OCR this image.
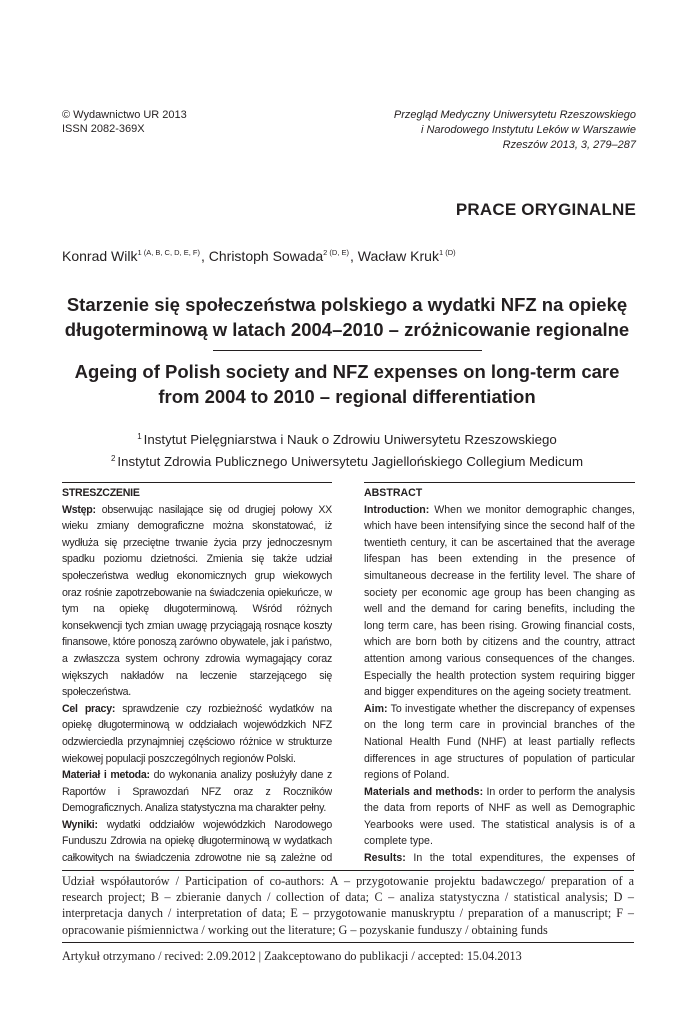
© Wydawnictwo UR 2013
ISSN 2082-369X
Przegląd Medyczny Uniwersytetu Rzeszowskiego
i Narodowego Instytutu Leków w Warszawie
Rzeszów 2013, 3, 279–287
PRACE ORYGINALNE
Konrad Wilk$^{1 (A, B, C, D, E, F)}$, Christoph Sowada$^{2 (D, E)}$, Wacław Kruk$^{1 (D)}$
Starzenie się społeczeństwa polskiego a wydatki NFZ na opiekę
długoterminową w latach 2004–2010 – zróżnicowanie regionalne
Ageing of Polish society and NFZ expenses on long-term care
from 2004 to 2010 – regional differentiation
$^1$ Instytut Pielęgniarstwa i Nauk o Zdrowiu Uniwersytetu Rzeszowskiego
$^2$ Instytut Zdrowia Publicznego Uniwersytetu Jagiellońskiego Collegium Medicum
STRESZCZENIE

Wstęp: obserwując nasilające się od drugiej połowy XX wieku zmiany demograficzne można skonstatować, iż wydłuża się przeciętne trwanie życia przy jednoczesnym spadku poziomu dzietności. Zmienia się także udział społeczeństwa według ekonomicznych grup wiekowych oraz rośnie zapotrzebowanie na świadczenia opiekuńcze, w tym na opiekę długoterminową. Wśród różnych konsekwencji tych zmian uwagę przyciągają rosnące koszty finansowe, które ponoszą zarówno obywatele, jak i państwo, a zwłaszcza system ochrony zdrowia wymagający coraz większych nakładów na leczenie starzejącego się społeczeństwa.

Cel pracy: sprawdzenie czy rozbieżność wydatków na opiekę długoterminową w oddziałach wojewódzkich NFZ odzwierciedla przynajmniej częściowo różnice w strukturze wiekowej populacji poszczególnych regionów Polski.

Materiał i metoda: do wykonania analizy posłużyły dane z Raportów i Sprawozdań NFZ oraz z Roczników Demograficznych. Analiza statystyczna ma charakter pełny.

Wyniki: wydatki oddziałów wojewódzkich Narodowego Funduszu Zdrowia na opiekę długoterminową w wydatkach całkowitych na świadczenia zdrowotne nie są zależne od

ABSTRACT

Introduction: When we monitor demographic changes, which have been intensifying since the second half of the twentieth century, it can be ascertained that the average lifespan has been extending in the presence of simultaneous decrease in the fertility level. The share of society per economic age group has been changing as well and the demand for caring benefits, including the long term care, has been rising. Growing financial costs, which are born both by citizens and the country, attract attention among various consequences of the changes. Especially the health protection system requiring bigger and bigger expenditures on the ageing society treatment.

Aim: To investigate whether the discrepancy of expenses on the long term care in provincial branches of the National Health Fund (NHF) at least partially reflects differences in age structures of population of particular regions of Poland.

Materials and methods: In order to perform the analysis the data from reports of NHF as well as Demographic Yearbooks were used. The statistical analysis is of a complete type.

Results: In the total expenditures, the expenses of

Udział współautorów / Participation of co-authors: A – przygotowanie projektu badawczego/ preparation of a research project; B – zbieranie danych / collection of data; C – analiza statystyczna / statistical analysis; D – interpretacja danych / interpretation of data; E – przygotowanie manuskryptu / preparation of a manuscript; F – opracowanie piśmiennictwa / working out the literature; G – pozyskanie funduszy / obtaining funds
Artykuł otrzymano / recived: 2.09.2012 | Zaakceptowano do publikacji / accepted: 15.04.2013
